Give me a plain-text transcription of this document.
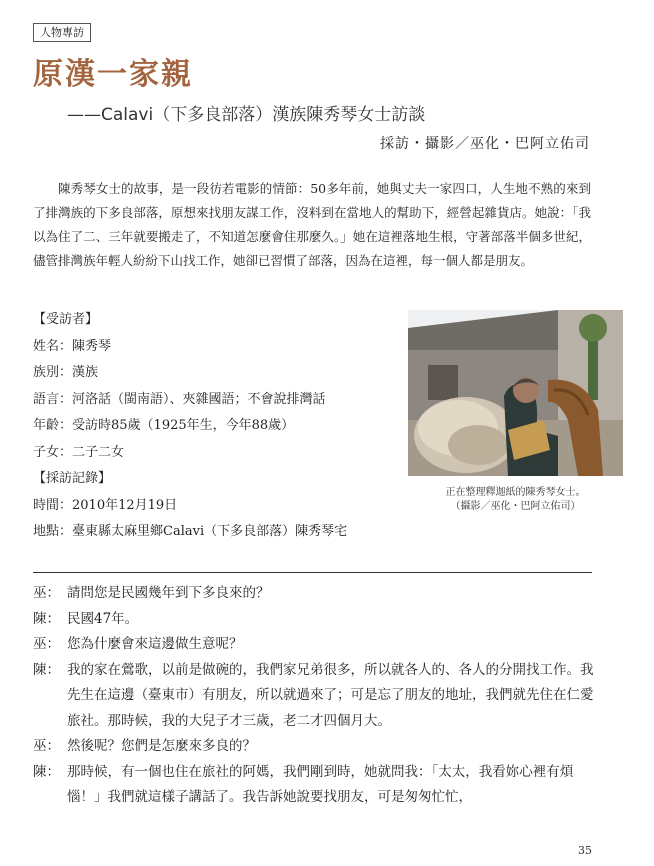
人物專訪
原漢一家親
——Calavi（下多良部落）漢族陳秀琴女士訪談
採訪・攝影／巫化・巴阿立佑司

陳秀琴女士的故事，是一段彷若電影的情節：50多年前，她與丈夫一家四口，人生地不熟的來到了排灣族的下多良部落，原想來找朋友謀工作，沒料到在當地人的幫助下，經營起雜貨店。她說：「我以為住了二、三年就要搬走了，不知道怎麼會住那麼久。」她在這裡落地生根，守著部落半個多世紀，儘管排灣族年輕人紛紛下山找工作，她卻已習慣了部落，因為在這裡，每一個人都是朋友。

【受訪者】
姓名：陳秀琴
族別：漢族
語言：河洛話（閩南語）、夾雜國語；不會說排灣話
年齡：受訪時85歲（1925年生，今年88歲）
子女：二子二女
【採訪記錄】
時間：2010年12月19日
地點：臺東縣太麻里鄉Calavi（下多良部落）陳秀琴宅
正在整理釋迦紙的陳秀琴女士。
（攝影／巫化・巴阿立佑司）
巫： 請問您是民國幾年到下多良來的？
陳： 民國47年。
巫： 您為什麼會來這邊做生意呢？
陳： 我的家在鶯歌，以前是做碗的，我們家兄弟很多，所以就各人的、各人的分開找工作。我先生在這邊（臺東市）有朋友，所以就過來了；可是忘了朋友的地址，我們就先住在仁愛旅社。那時候，我的大兒子才三歲，老二才四個月大。
巫： 然後呢？您們是怎麼來多良的？
陳： 那時候，有一個也住在旅社的阿媽，我們剛到時，她就問我：「太太，我看妳心裡有煩惱！」我們就這樣子講話了。我告訴她說要找朋友，可是匆匆忙忙，
35
